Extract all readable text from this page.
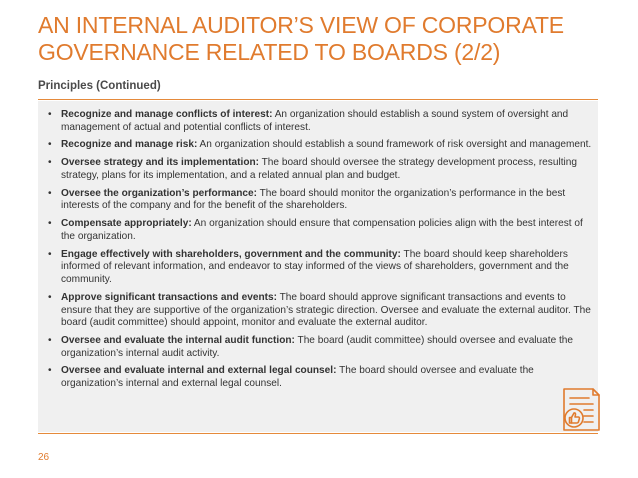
AN INTERNAL AUDITOR’S VIEW OF CORPORATE
GOVERNANCE RELATED TO BOARDS (2/2)
Principles (Continued)
• Recognize and manage conflicts of interest: An organization should establish a sound system of oversight and management of actual and potential conflicts of interest.
• Recognize and manage risk: An organization should establish a sound framework of risk oversight and management.
• Oversee strategy and its implementation: The board should oversee the strategy development process, resulting strategy, plans for its implementation, and a related annual plan and budget.
• Oversee the organization’s performance: The board should monitor the organization’s performance in the best interests of the company and for the benefit of the shareholders.
• Compensate appropriately: An organization should ensure that compensation policies align with the best interest of the organization.
• Engage effectively with shareholders, government and the community: The board should keep shareholders informed of relevant information, and endeavor to stay informed of the views of shareholders, government and the community.
• Approve significant transactions and events: The board should approve significant transactions and events to ensure that they are supportive of the organization’s strategic direction. Oversee and evaluate the external auditor. The board (audit committee) should appoint, monitor and evaluate the external auditor.
• Oversee and evaluate the internal audit function: The board (audit committee) should oversee and evaluate the organization’s internal audit activity.
• Oversee and evaluate internal and external legal counsel: The board should oversee and evaluate the organization’s internal and external legal counsel.
26
